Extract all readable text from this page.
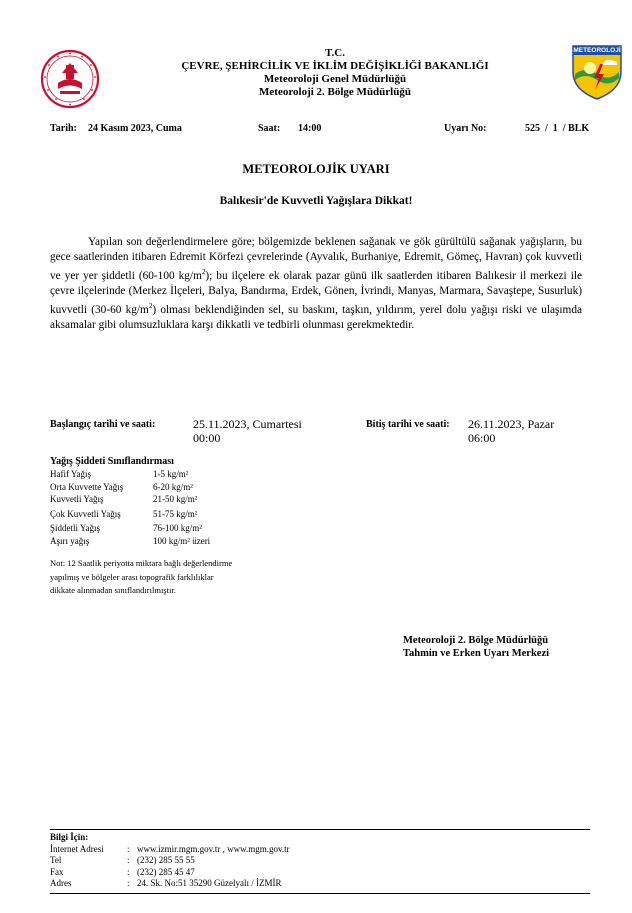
METEOROLOJİ
T.C.
ÇEVRE, ŞEHİRCİLİK VE İKLİM DEĞİŞİKLİĞİ BAKANLIĞI
Meteoroloji Genel Müdürlüğü
Meteoroloji 2. Bölge Müdürlüğü
Tarih: 24 Kasım 2023, Cuma	Saat: 14:00	Uyarı No:	525  /  1  / BLK
METEOROLOJİK UYARI
Balıkesir'de Kuvvetli Yağışlara Dikkat!

Yapılan son değerlendirmelere göre; bölgemizde beklenen sağanak ve gök gürültülü sağanak yağışların, bu gece saatlerinden itibaren Edremit Körfezi çevrelerinde (Ayvalık, Burhaniye, Edremit, Gömeç, Havran) çok kuvvetli ve yer yer şiddetli (60-100 $kg/m^2$); bu ilçelere ek olarak pazar günü ilk saatlerden itibaren Balıkesir il merkezi ile çevre ilçelerinde (Merkez İlçeleri, Balya, Bandırma, Erdek, Gönen, İvrindi, Manyas, Marmara, Savaştepe, Susurluk) kuvvetli (30-60 $kg/m^2$) olması beklendiğinden sel, su baskını, taşkın, yıldırım, yerel dolu yağışı riski ve ulaşımda aksamalar gibi olumsuzluklara karşı dikkatli ve tedbirli olunması gerekmektedir.

Başlangıç tarihi ve saati:	25.11.2023, Cumartesi
00:00
Bitiş tarihi ve saati: 26.11.2023, Pazar
06:00
Yağış Şiddeti Sınıflandırması
Hafif Yağış	1-5 kg/m²
Orta Kuvvette Yağış	6-20 kg/m²
Kuvvetli Yağış	21-50 kg/m²
Çok Kuvvetli Yağış	51-75 kg/m²
Şiddetli Yağış	76-100 kg/m²
Aşırı yağış	100 kg/m² üzeri
Not: 12 Saatlik periyotta miktara bağlı değerlendirme
yapılmış ve bölgeler arası topografik farklılıklar
dikkate alınmadan sınıflandırılmıştır.
Meteoroloji 2. Bölge Müdürlüğü
Tahmin ve Erken Uyarı Merkezi
Bilgi İçin:
İnternet Adresi	: www.izmir.mgm.gov.tr , www.mgm.gov.tr
Tel	: (232) 285 55 55
Fax	: (232) 285 45 47
Adres	: 24. Sk. No:51 35290 Güzelyalı / İZMİR
